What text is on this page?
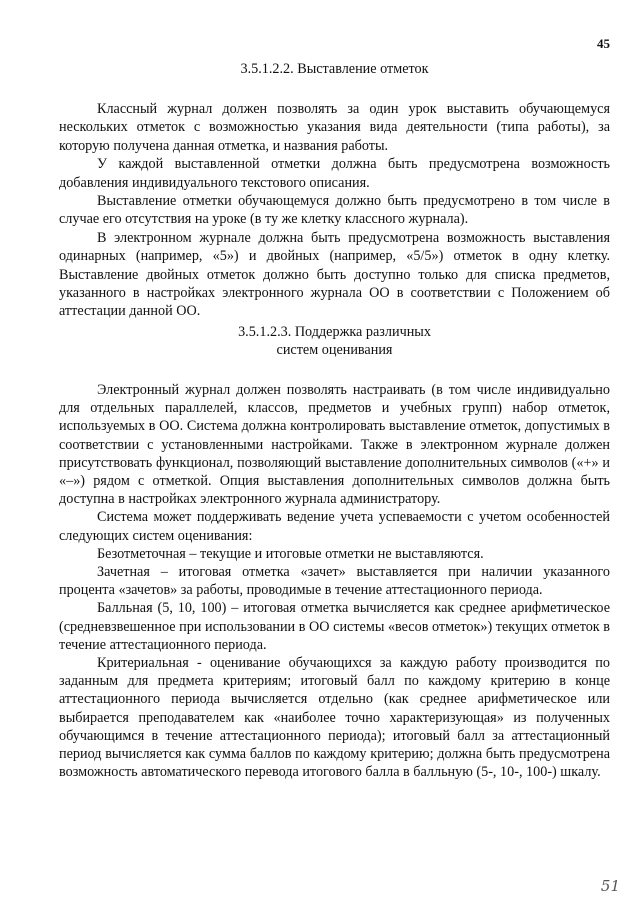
45

3.5.1.2.2. Выставление отметок

Классный журнал должен позволять за один урок выставить обучающемуся нескольких отметок с возможностью указания вида деятельности (типа работы), за которую получена данная отметка, и названия работы.

У каждой выставленной отметки должна быть предусмотрена возможность добавления индивидуального текстового описания.

Выставление отметки обучающемуся должно быть предусмотрено в том числе в случае его отсутствия на уроке (в ту же клетку классного журнала).

В электронном журнале должна быть предусмотрена возможность выставления одинарных (например, «5») и двойных (например, «5/5») отметок в одну клетку. Выставление двойных отметок должно быть доступно только для списка предметов, указанного в настройках электронного журнала ОО в соответствии с Положением об аттестации данной ОО.

3.5.1.2.3. Поддержка различных

систем оценивания

Электронный журнал должен позволять настраивать (в том числе индивидуально для отдельных параллелей, классов, предметов и учебных групп) набор отметок, используемых в ОО. Система должна контролировать выставление отметок, допустимых в соответствии с установленными настройками. Также в электронном журнале должен присутствовать функционал, позволяющий выставление дополнительных символов («+» и «–») рядом с отметкой. Опция выставления дополнительных символов должна быть доступна в настройках электронного журнала администратору.

Система может поддерживать ведение учета успеваемости с учетом особенностей следующих систем оценивания:

Безотметочная – текущие и итоговые отметки не выставляются.

Зачетная – итоговая отметка «зачет» выставляется при наличии указанного процента «зачетов» за работы, проводимые в течение аттестационного периода.

Балльная (5, 10, 100) – итоговая отметка вычисляется как среднее арифметическое (средневзвешенное при использовании в ОО системы «весов отметок») текущих отметок в течение аттестационного периода.

Критериальная - оценивание обучающихся за каждую работу производится по заданным для предмета критериям; итоговый балл по каждому критерию в конце аттестационного периода вычисляется отдельно (как среднее арифметическое или выбирается преподавателем как «наиболее точно характеризующая» из полученных обучающимся в течение аттестационного периода); итоговый балл за аттестационный период вычисляется как сумма баллов по каждому критерию; должна быть предусмотрена возможность автоматического перевода итогового балла в балльную (5-, 10-, 100-) шкалу.

51
